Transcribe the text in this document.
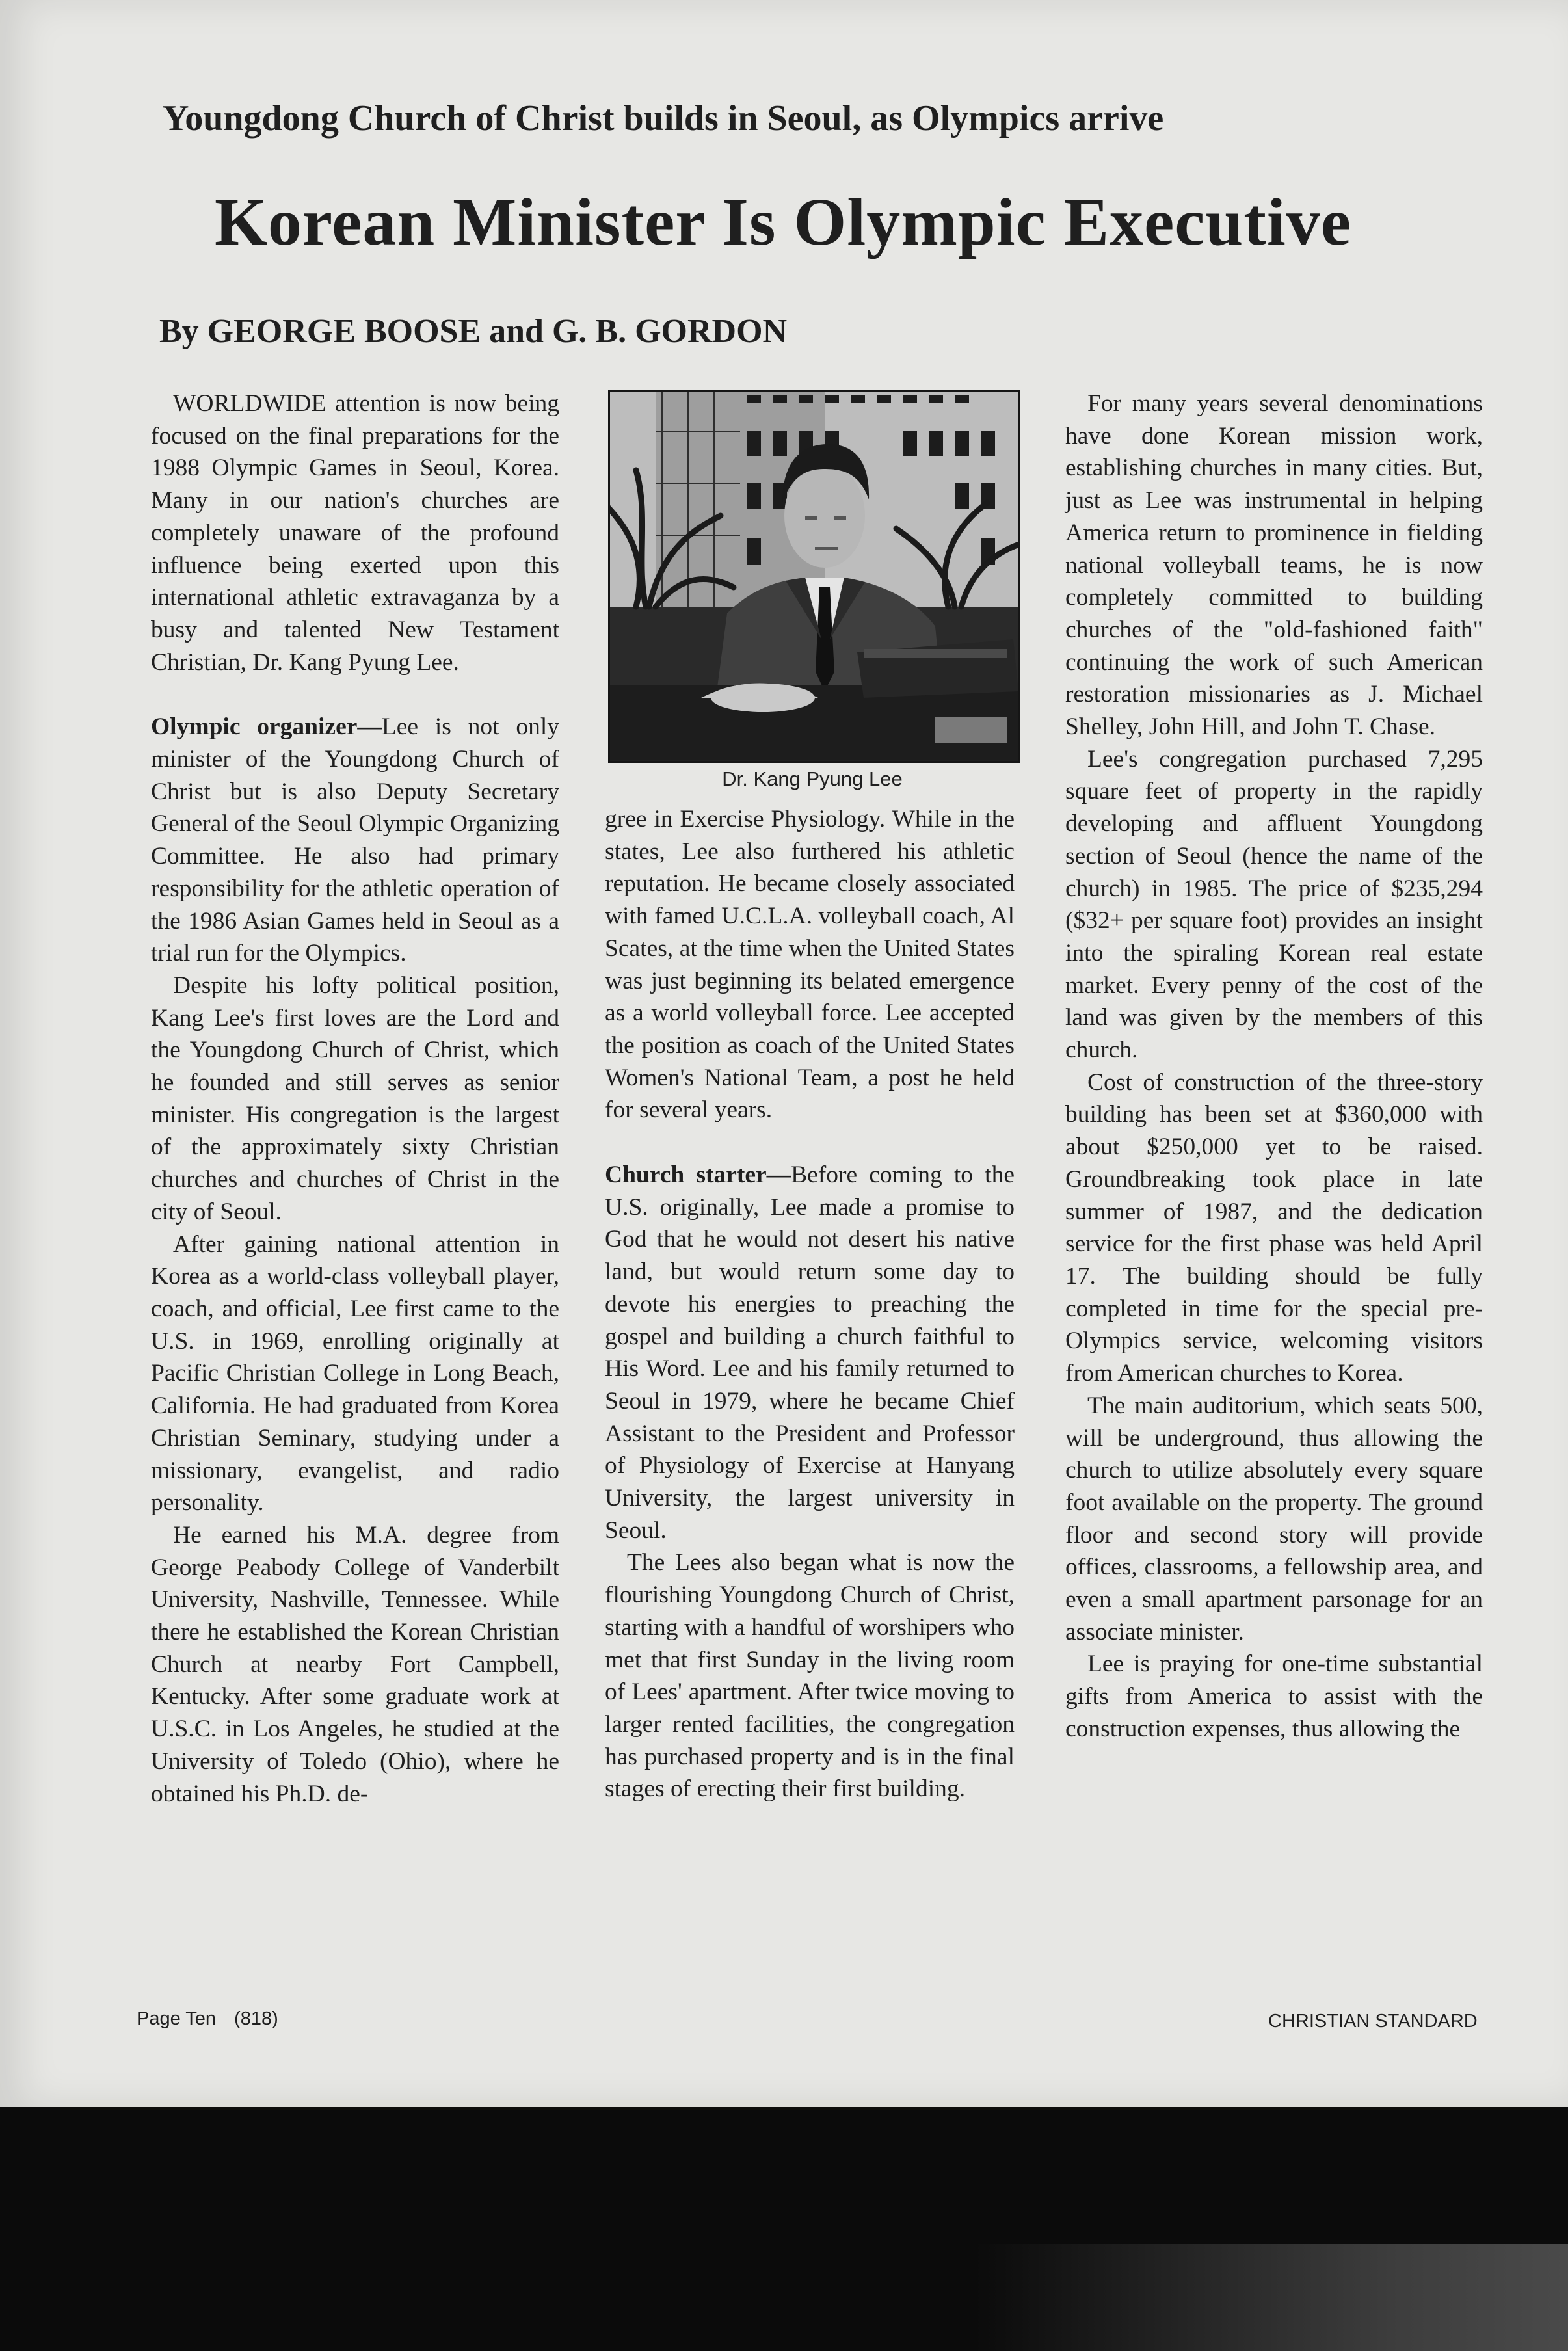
Youngdong Church of Christ builds in Seoul, as Olympics arrive
Korean Minister Is Olympic Executive
By GEORGE BOOSE and G. B. GORDON

WORLDWIDE attention is now being focused on the final preparations for the 1988 Olympic Games in Seoul, Korea. Many in our nation's churches are completely unaware of the profound influence being exerted upon this international athletic extravaganza by a busy and talented New Testament Christian, Dr. Kang Pyung Lee.

Olympic organizer—Lee is not only minister of the Youngdong Church of Christ but is also Deputy Secretary General of the Seoul Olympic Organizing Committee. He also had primary responsibility for the athletic operation of the 1986 Asian Games held in Seoul as a trial run for the Olympics.

Despite his lofty political position, Kang Lee's first loves are the Lord and the Youngdong Church of Christ, which he founded and still serves as senior minister. His congregation is the largest of the approximately sixty Christian churches and churches of Christ in the city of Seoul.

After gaining national attention in Korea as a world-class volleyball player, coach, and official, Lee first came to the U.S. in 1969, enrolling originally at Pacific Christian College in Long Beach, California. He had graduated from Korea Christian Seminary, studying under a missionary, evangelist, and radio personality.

He earned his M.A. degree from George Peabody College of Vanderbilt University, Nashville, Tennessee. While there he established the Korean Christian Church at nearby Fort Campbell, Kentucky. After some graduate work at U.S.C. in Los Angeles, he studied at the University of Toledo (Ohio), where he obtained his Ph.D. de-

Dr. Kang Pyung Lee

gree in Exercise Physiology. While in the states, Lee also furthered his athletic reputation. He became closely associated with famed U.C.L.A. volleyball coach, Al Scates, at the time when the United States was just beginning its belated emergence as a world volleyball force. Lee accepted the position as coach of the United States Women's National Team, a post he held for several years.

Church starter—Before coming to the U.S. originally, Lee made a promise to God that he would not desert his native land, but would return some day to devote his energies to preaching the gospel and building a church faithful to His Word. Lee and his family returned to Seoul in 1979, where he became Chief Assistant to the President and Professor of Physiology of Exercise at Hanyang University, the largest university in Seoul.

The Lees also began what is now the flourishing Youngdong Church of Christ, starting with a handful of worshipers who met that first Sunday in the living room of Lees' apartment. After twice moving to larger rented facilities, the congregation has purchased property and is in the final stages of erecting their first building.

For many years several denominations have done Korean mission work, establishing churches in many cities. But, just as Lee was instrumental in helping America return to prominence in fielding national volleyball teams, he is now completely committed to building churches of the "old-fashioned faith" continuing the work of such American restoration missionaries as J. Michael Shelley, John Hill, and John T. Chase.

Lee's congregation purchased 7,295 square feet of property in the rapidly developing and affluent Youngdong section of Seoul (hence the name of the church) in 1985. The price of $235,294 ($32+ per square foot) provides an insight into the spiraling Korean real estate market. Every penny of the cost of the land was given by the members of this church.

Cost of construction of the three-story building has been set at $360,000 with about $250,000 yet to be raised. Groundbreaking took place in late summer of 1987, and the dedication service for the first phase was held April 17. The building should be fully completed in time for the special pre-Olympics service, welcoming visitors from American churches to Korea.

The main auditorium, which seats 500, will be underground, thus allowing the church to utilize absolutely every square foot available on the property. The ground floor and second story will provide offices, classrooms, a fellowship area, and even a small apartment parsonage for an associate minister.

Lee is praying for one-time substantial gifts from America to assist with the construction expenses, thus allowing the

Page Ten (818)	CHRISTIAN STANDARD
